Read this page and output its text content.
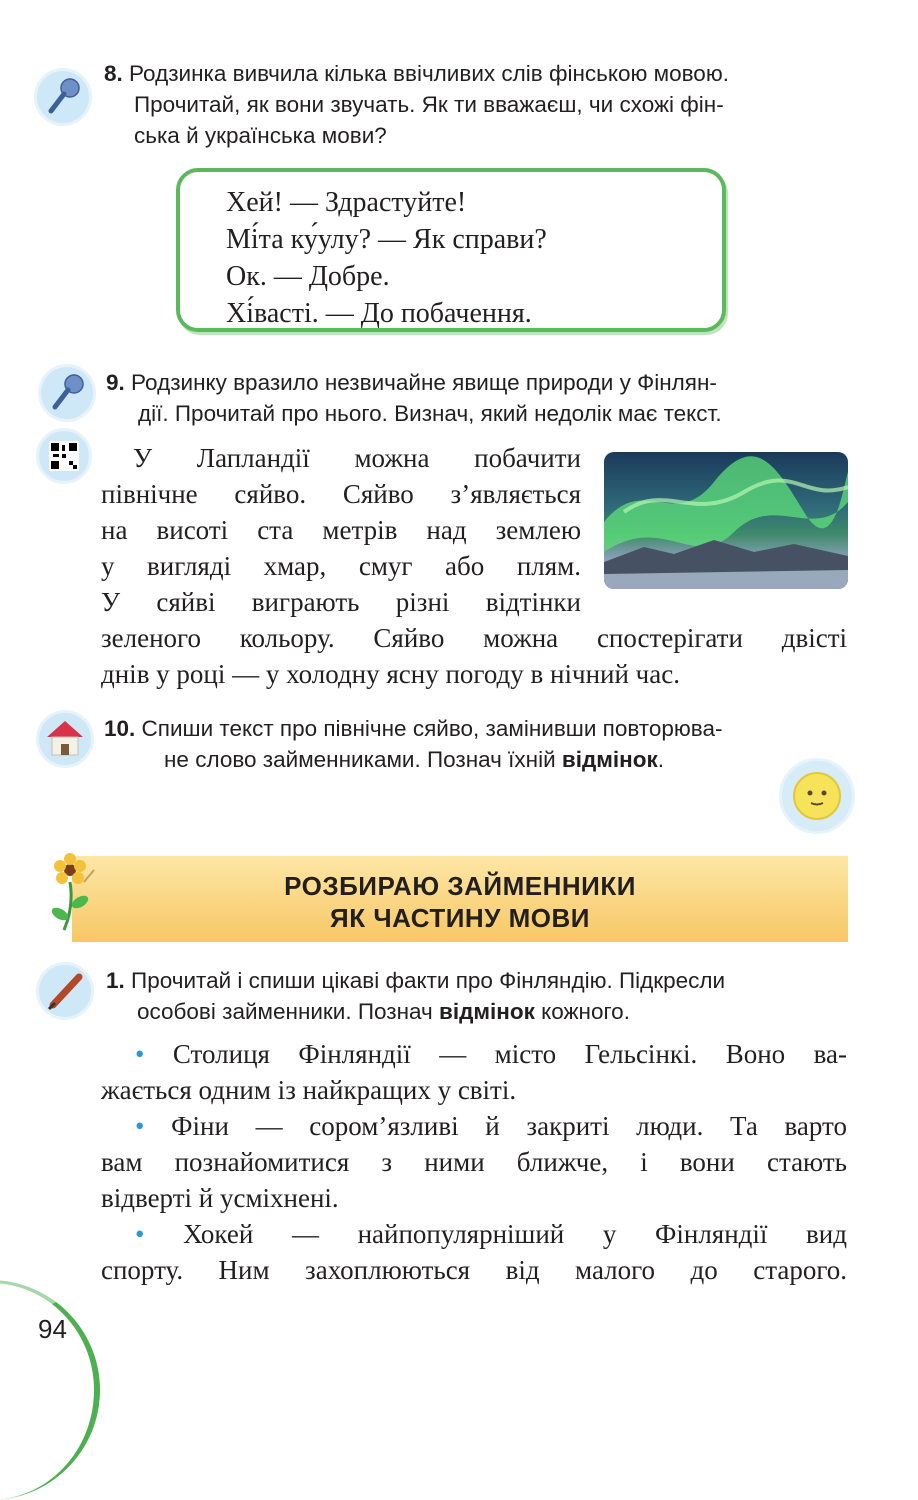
8. Родзинка вивчила кілька ввічливих слів фінською мовою.
Прочитай, як вони звучать. Як ти вважаєш, чи схожі фін-
ська й українська мови?
Хей! — Здрастуйте!
Мі́та ку́улу? — Як справи?
Ок. — Добре.
Хі́васті. — До побачення.
9. Родзинку вразило незвичайне явище природи у Фінлян-
дії. Прочитай про нього. Визнач, який недолік має текст.
У Лапландії можна побачити
північне сяйво. Сяйво з’являється
на висоті ста метрів над землею
у вигляді хмар, смуг або плям.
У сяйві виграють різні відтінки
зеленого кольору. Сяйво можна спостерігати двісті
днів у році — у холодну ясну погоду в нічний час.
10. Спиши текст про північне сяйво, замінивши повторюва-
не слово займенниками. Познач їхній відмінок.
РОЗБИРАЮ ЗАЙМЕННИКИ
ЯК ЧАСТИНУ МОВИ
1. Прочитай і спиши цікаві факти про Фінляндію. Підкресли
особові займенники. Познач відмінок кожного.
• Столиця Фінляндії — місто Гельсінкі. Воно ва-
жається одним із найкращих у світі.
• Фіни — сором’язливі й закриті люди. Та варто
вам познайомитися з ними ближче, і вони стають
відверті й усміхнені.
• Хокей — найпопулярніший у Фінляндії вид
спорту. Ним захоплюються від малого до старого.
94
